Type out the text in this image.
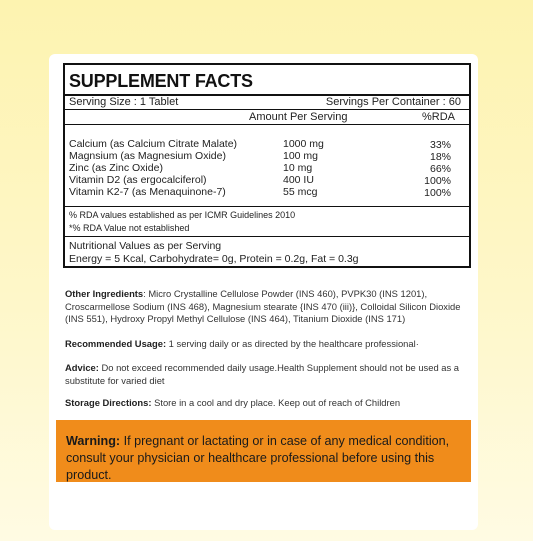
SUPPLEMENT FACTS
Serving Size : 1 Tablet	Servings Per Container : 60
Amount Per Serving	%RDA
Calcium (as Calcium Citrate Malate)	1000 mg	33%
Magnsium (as Magnesium Oxide)	100 mg	18%
Zinc (as Zinc Oxide)	10 mg	66%
Vitamin D2 (as ergocalciferol)	400 IU	100%
Vitamin K2-7 (as Menaquinone-7)	55 mcg	100%
% RDA values established as per ICMR Guidelines 2010
*% RDA Value not established
Nutritional Values as per Serving
Energy = 5 Kcal, Carbohydrate= 0g, Protein = 0.2g, Fat = 0.3g
Other Ingredients: Micro Crystalline Cellulose Powder (INS 460), PVPK30 (INS 1201), Croscarmellose Sodium (INS 468), Magnesium stearate {INS 470 (iii)}, Colloidal Silicon Dioxide (INS 551), Hydroxy Propyl Methyl Cellulose (INS 464), Titanium Dioxide (INS 171)
Recommended Usage: 1 serving daily or as directed by the healthcare professional·
Advice: Do not exceed recommended daily usage.Health Supplement should not be used as a substitute for varied diet
Storage Directions: Store in a cool and dry place. Keep out of reach of Children
Warning: If pregnant or lactating or in case of any medical condition, consult your physician or healthcare professional before using this product.
